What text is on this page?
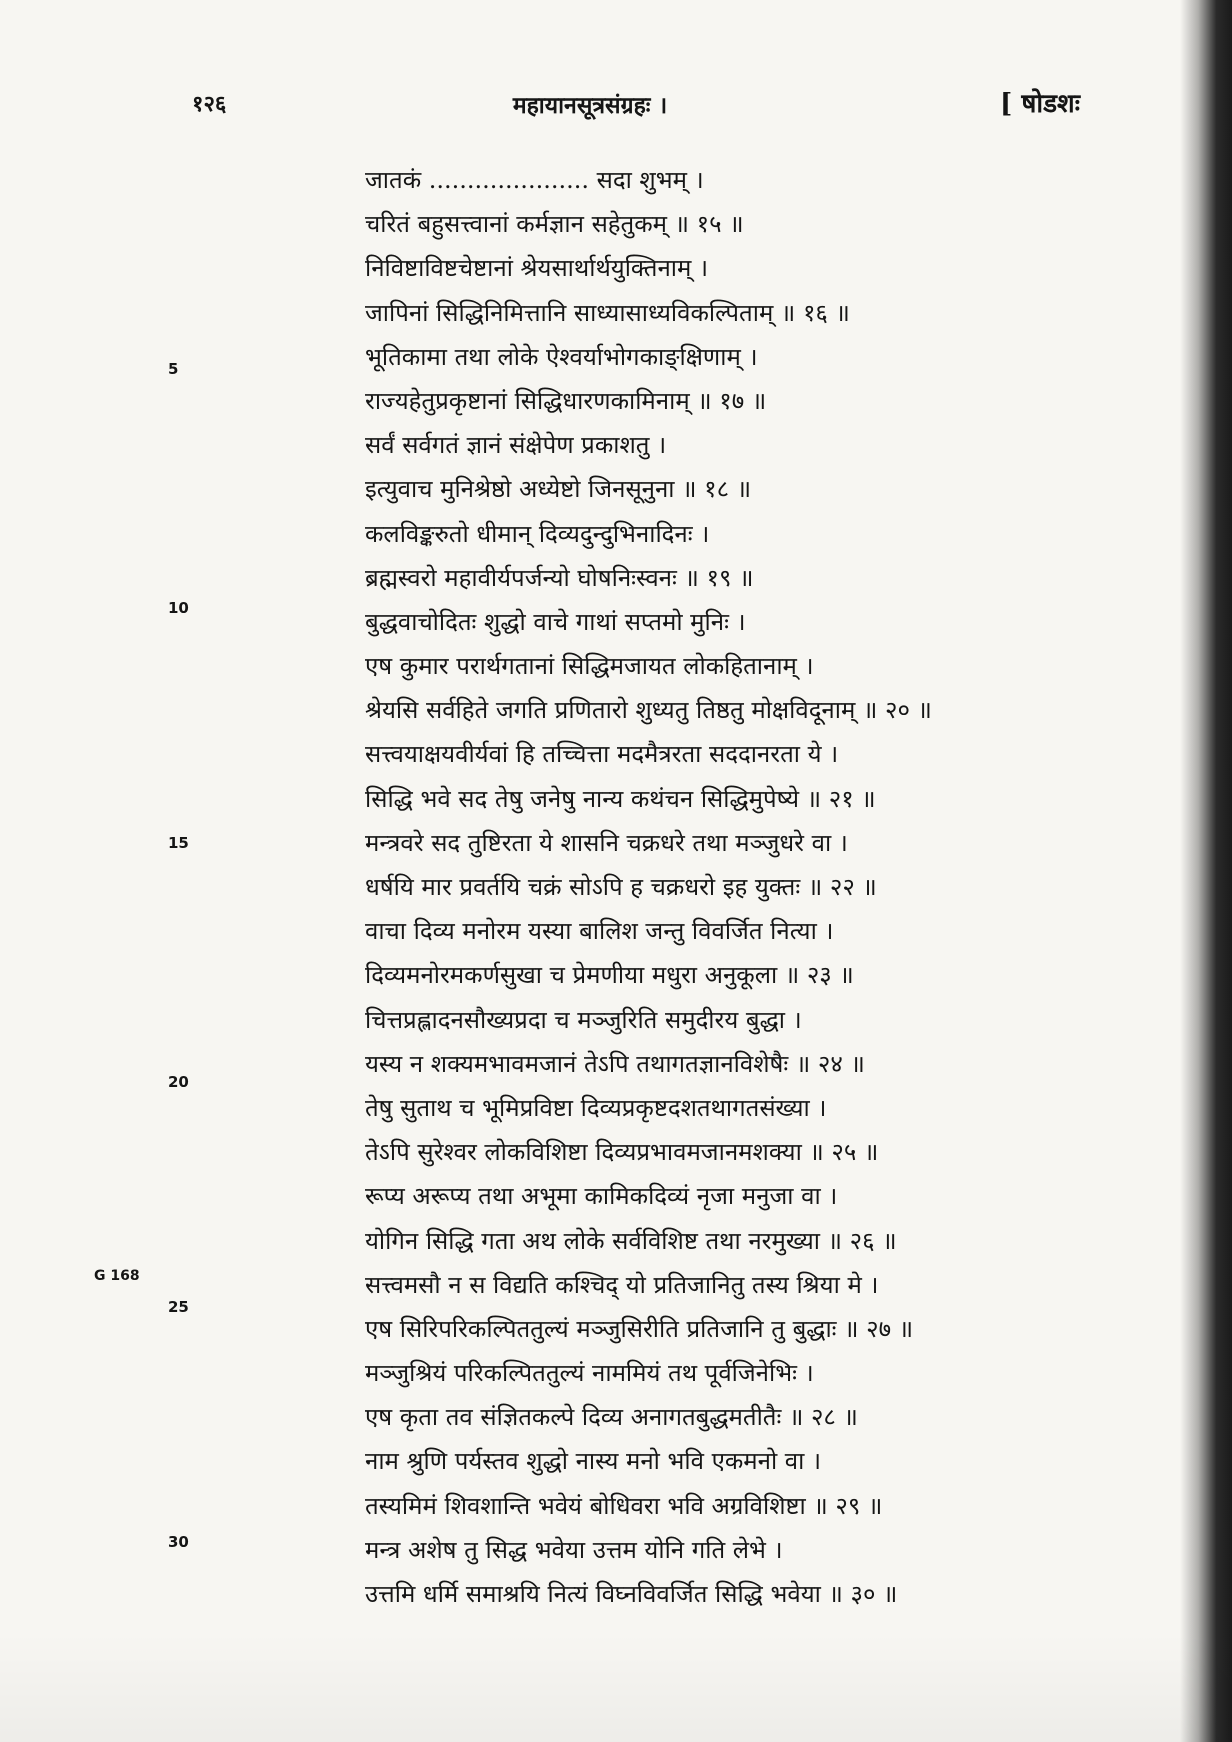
१२६	महायानसूत्रसंग्रहः ।	[ षोडशः
जातकं ..................... सदा शुभम् ।
चरितं बहुसत्त्वानां कर्मज्ञान सहेतुकम् ॥ १५ ॥
निविष्टाविष्टचेष्टानां श्रेयसार्थार्थयुक्तिनाम् ।
जापिनां सिद्धिनिमित्तानि साध्यासाध्यविकल्पिताम् ॥ १६ ॥
भूतिकामा तथा लोके ऐश्वर्याभोगकाङ्क्षिणाम् ।
राज्यहेतुप्रकृष्टानां सिद्धिधारणकामिनाम् ॥ १७ ॥
सर्वं सर्वगतं ज्ञानं संक्षेपेण प्रकाशतु ।
इत्युवाच मुनिश्रेष्ठो अध्येष्टो जिनसूनुना ॥ १८ ॥
कलविङ्करुतो धीमान् दिव्यदुन्दुभिनादिनः ।
ब्रह्मस्वरो महावीर्यपर्जन्यो घोषनिःस्वनः ॥ १९ ॥
बुद्धवाचोदितः शुद्धो वाचे गाथां सप्तमो मुनिः ।
एष कुमार परार्थगतानां सिद्धिमजायत लोकहितानाम् ।
श्रेयसि सर्वहिते जगति प्रणितारो शुध्यतु तिष्ठतु मोक्षविदूनाम् ॥ २० ॥
सत्त्वयाक्षयवीर्यवां हि तच्चित्ता मदमैत्ररता सददानरता ये ।
सिद्धि भवे सद तेषु जनेषु नान्य कथंचन सिद्धिमुपेष्ये ॥ २१ ॥
मन्त्रवरे सद तुष्टिरता ये शासनि चक्रधरे तथा मञ्जुधरे वा ।
धर्षयि मार प्रवर्तयि चक्रं सोऽपि ह चक्रधरो इह युक्तः ॥ २२ ॥
वाचा दिव्य मनोरम यस्या बालिश जन्तु विवर्जित नित्या ।
दिव्यमनोरमकर्णसुखा च प्रेमणीया मधुरा अनुकूला ॥ २३ ॥
चित्तप्रह्लादनसौख्यप्रदा च मञ्जुरिति समुदीरय बुद्धा ।
यस्य न शक्यमभावमजानं तेऽपि तथागतज्ञानविशेषैः ॥ २४ ॥
तेषु सुताथ च भूमिप्रविष्टा दिव्यप्रकृष्टदशतथागतसंख्या ।
तेऽपि सुरेश्वर लोकविशिष्टा दिव्यप्रभावमजानमशक्या ॥ २५ ॥
रूप्य अरूप्य तथा अभूमा कामिकदिव्यं नृजा मनुजा वा ।
योगिन सिद्धि गता अथ लोके सर्वविशिष्ट तथा नरमुख्या ॥ २६ ॥
सत्त्वमसौ न स विद्यति कश्चिद् यो प्रतिजानितु तस्य श्रिया मे ।
एष सिरिपरिकल्पिततुल्यं मञ्जुसिरीति प्रतिजानि तु बुद्धाः ॥ २७ ॥
मञ्जुश्रियं परिकल्पिततुल्यं नाममियं तथ पूर्वजिनेभिः ।
एष कृता तव संज्ञितकल्पे दिव्य अनागतबुद्धमतीतैः ॥ २८ ॥
नाम श्रुणि पर्यस्तव शुद्धो नास्य मनो भवि एकमनो वा ।
तस्यमिमं शिवशान्ति भवेयं बोधिवरा भवि अग्रविशिष्टा ॥ २९ ॥
मन्त्र अशेष तु सिद्ध भवेया उत्तम योनि गति लेभे ।
उत्तमि धर्मि समाश्रयि नित्यं विघ्नविवर्जित सिद्धि भवेया ॥ ३० ॥
5
10
15
20
25
30
G 168
